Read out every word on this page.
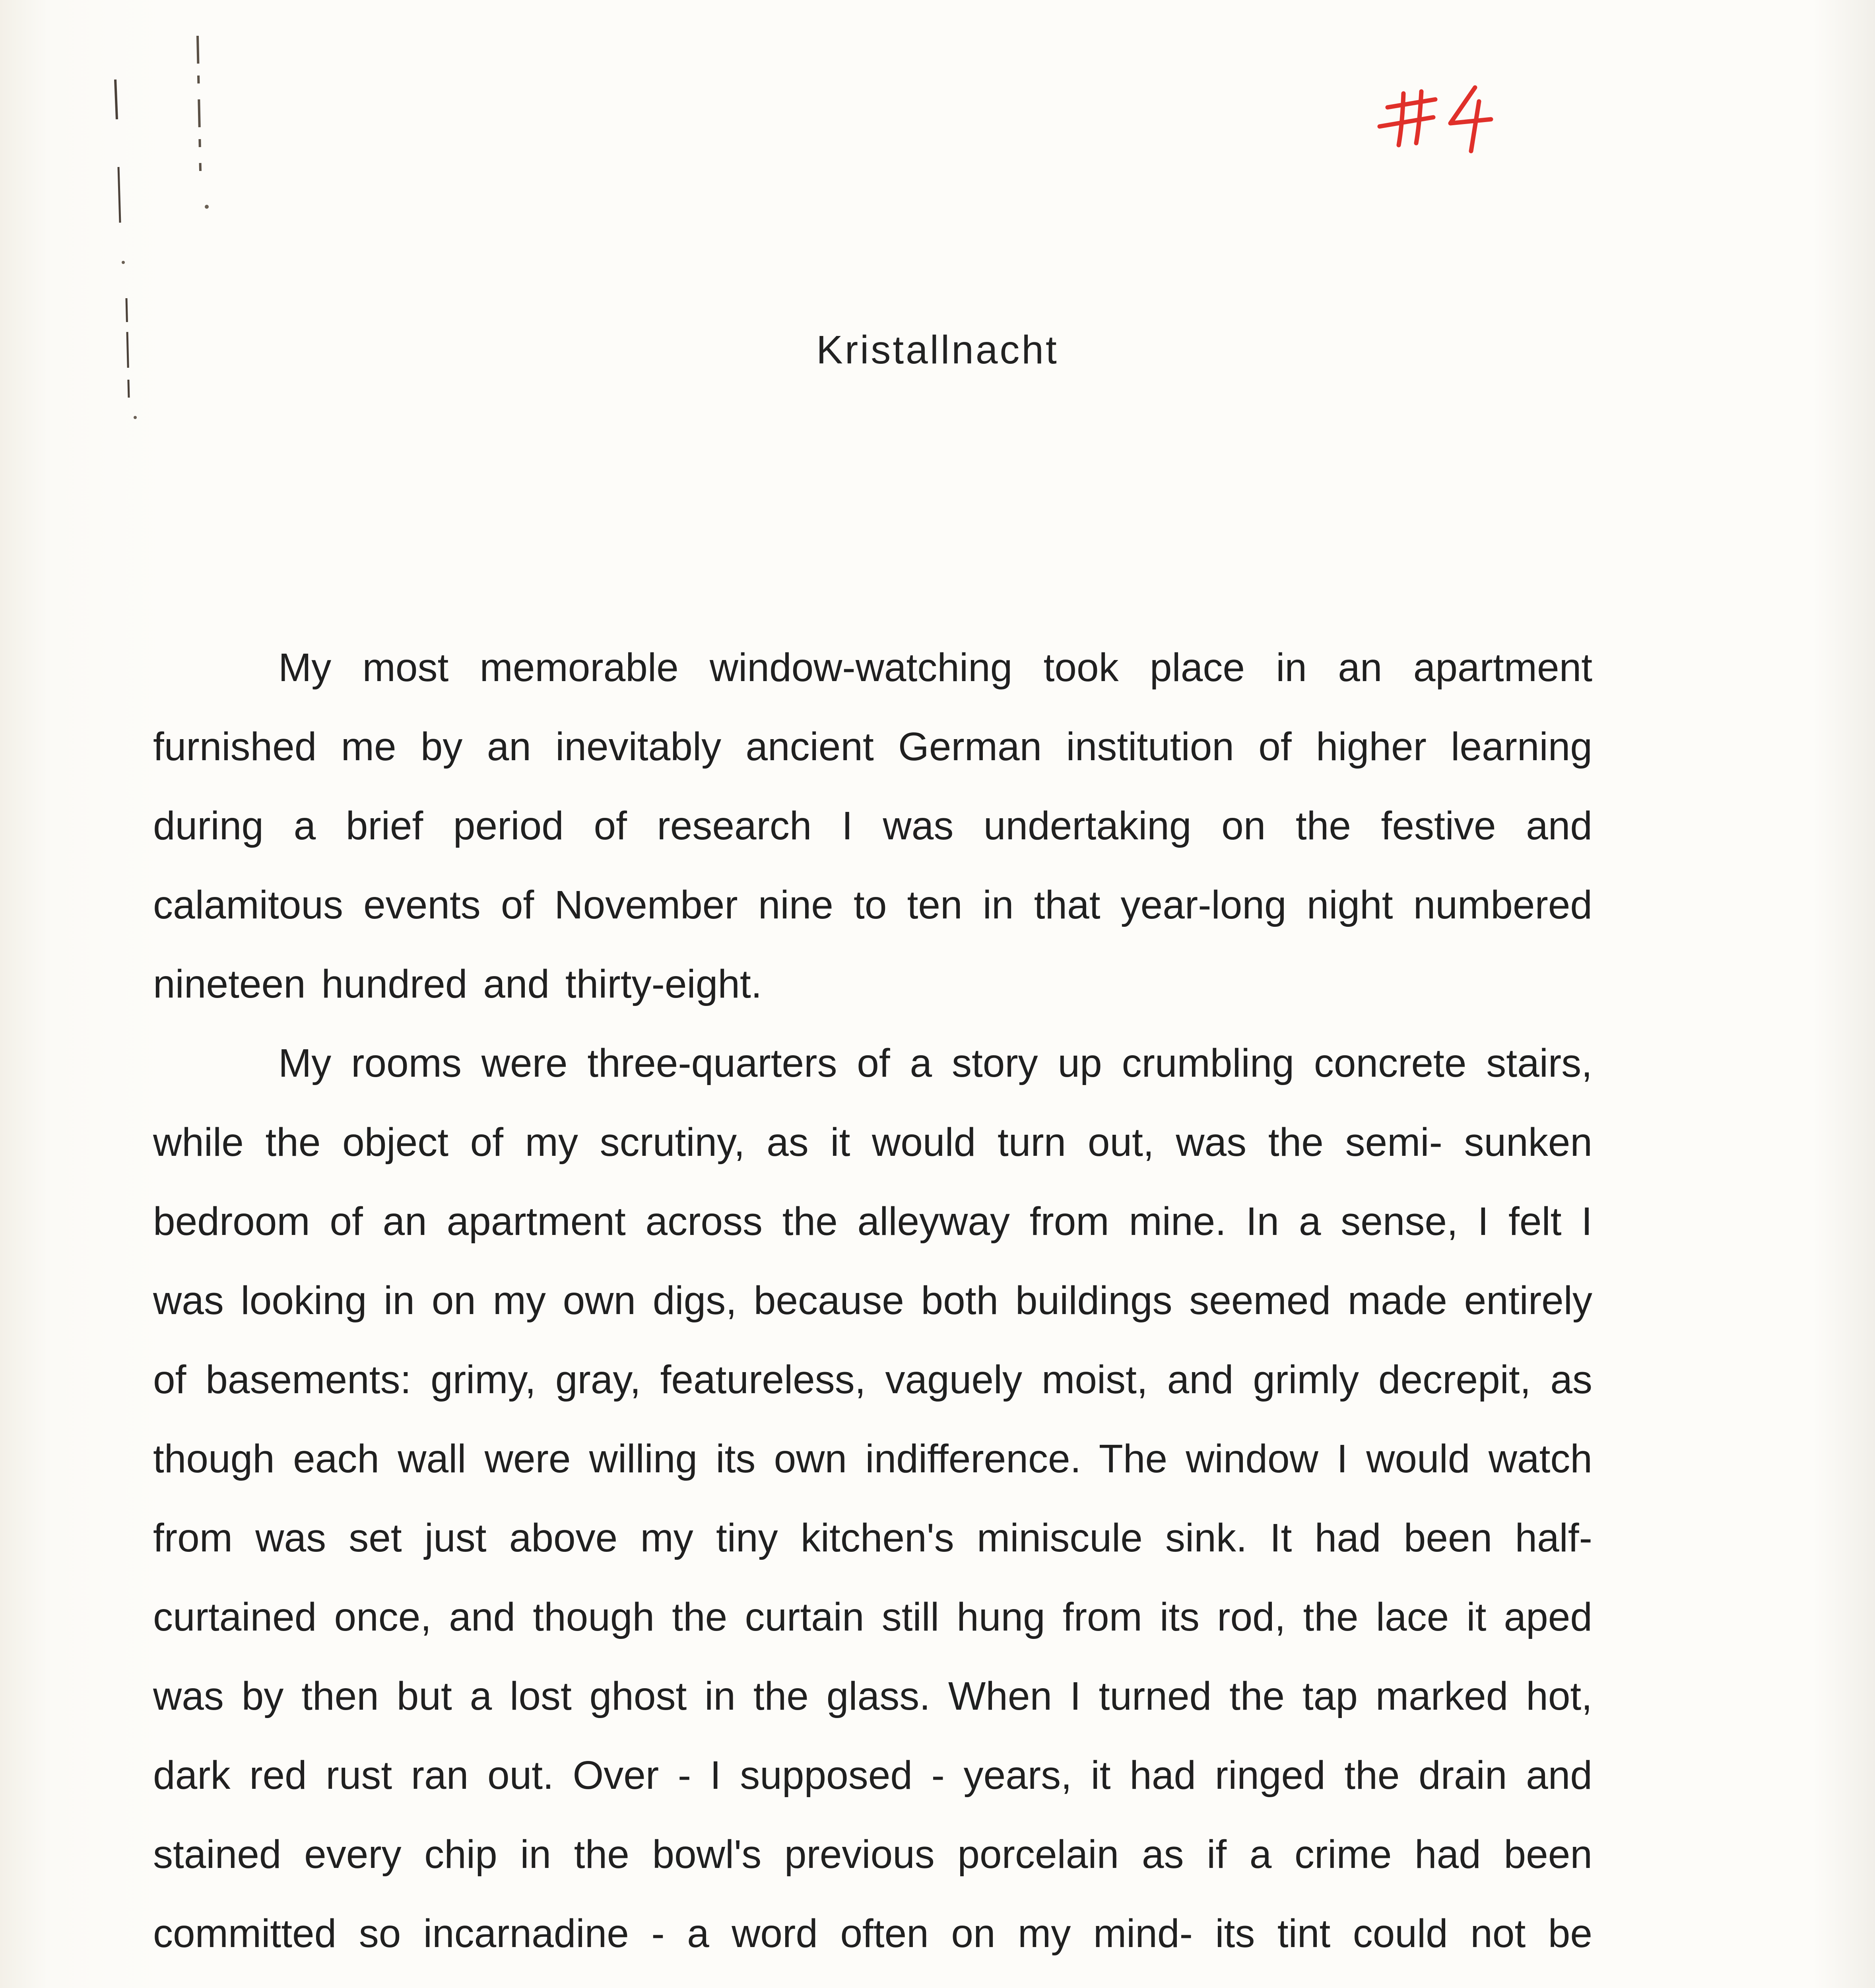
Kristallnacht

My most memorable window-watching took place in an apartment furnished me by an inevitably ancient German institution of higher learning during a brief period of research I was undertaking on the festive and calamitous events of November nine to ten in that year-long night numbered nineteen hundred and thirty-eight.

My rooms were three-quarters of a story up crumbling concrete stairs, while the object of my scrutiny, as it would turn out, was the semi- sunken bedroom of an apartment across the alleyway from mine. In a sense, I felt I was looking in on my own digs, because both buildings seemed made entirely of basements: grimy, gray, featureless, vaguely moist, and grimly decrepit, as though each wall were willing its own indifference. The window I would watch from was set just above my tiny kitchen's miniscule sink. It had been half-curtained once, and though the curtain still hung from its rod, the lace it aped was by then but a lost ghost in the glass. When I turned the tap marked hot, dark red rust ran out. Over - I supposed - years, it had ringed the drain and stained every chip in the bowl's previous porcelain as if a crime had been committed so incarnadine - a word often on my mind- its tint could not be
